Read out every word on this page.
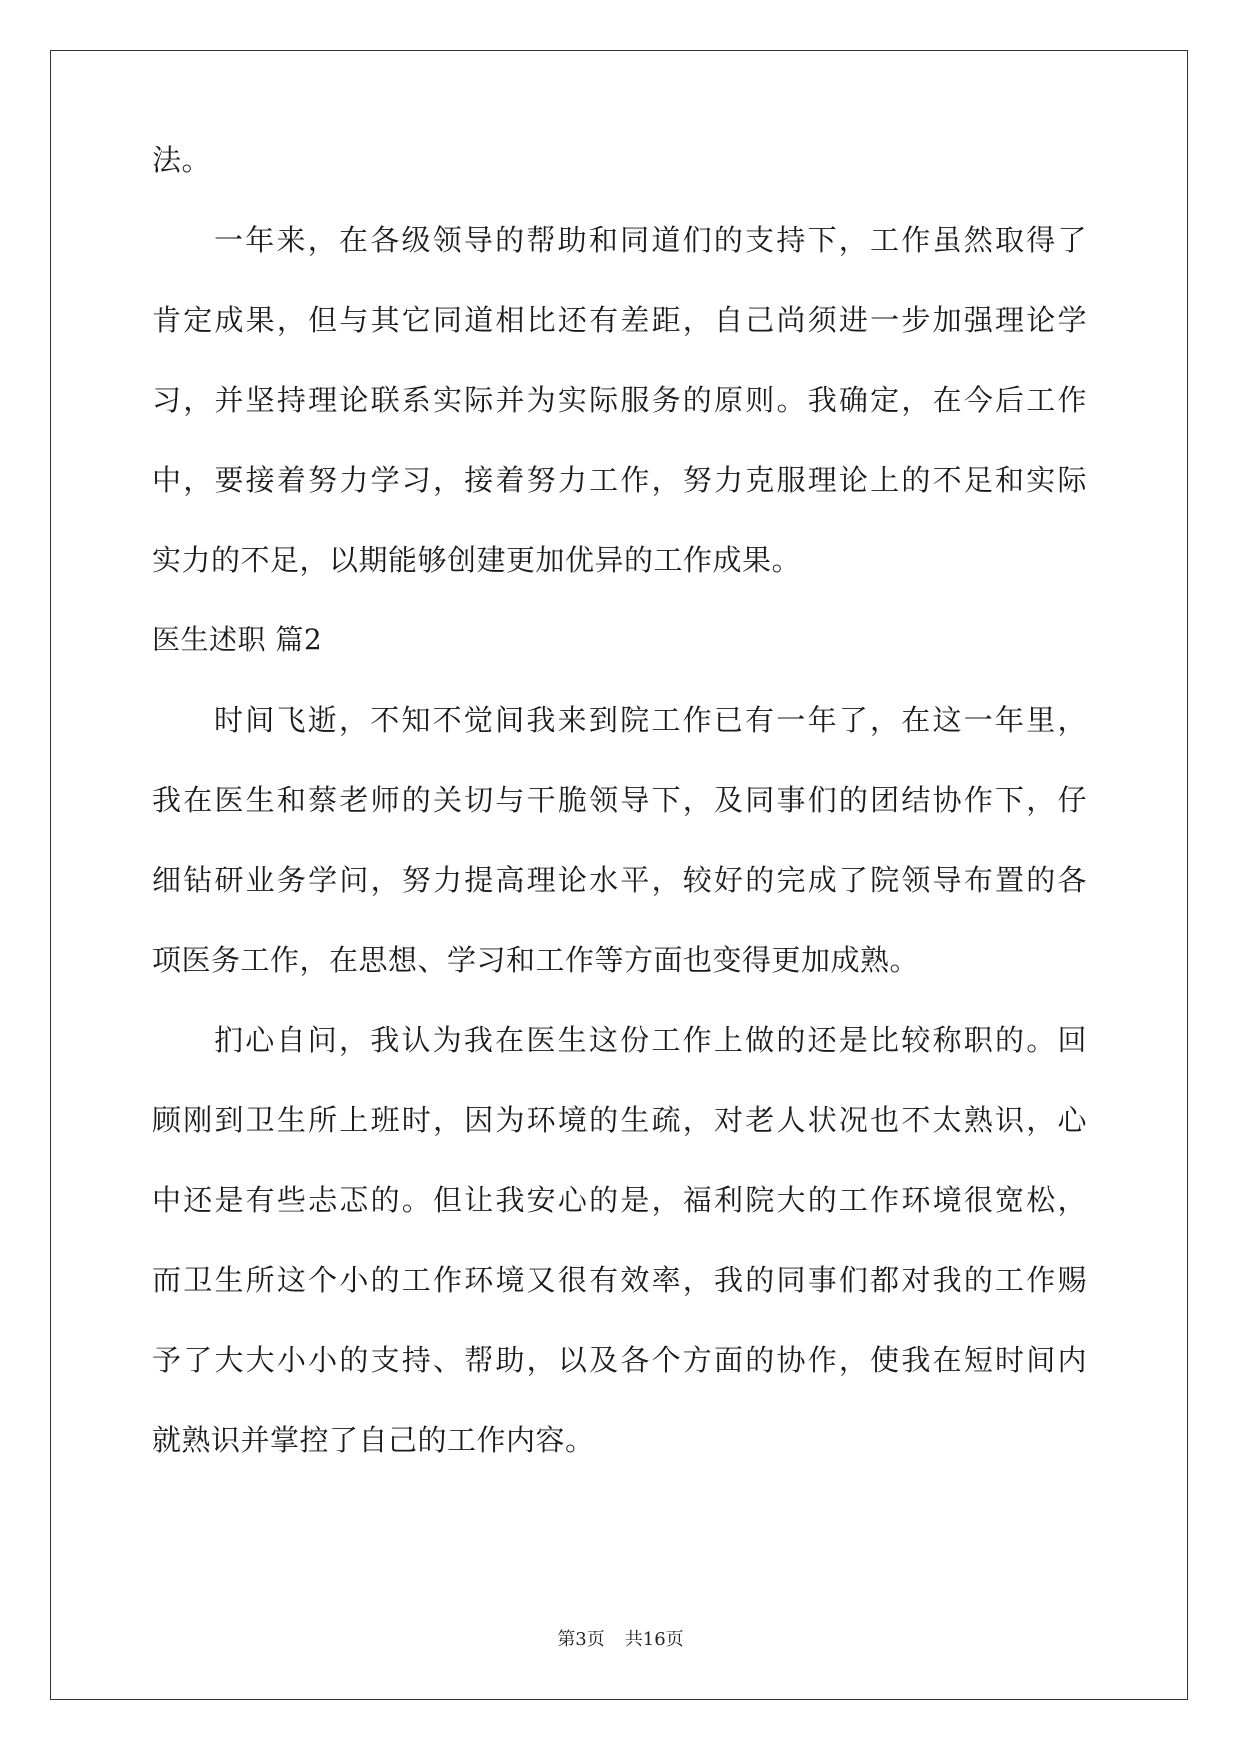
法。
一年来，在各级领导的帮助和同道们的支持下，工作虽然取得了
肯定成果，但与其它同道相比还有差距，自己尚须进一步加强理论学
习，并坚持理论联系实际并为实际服务的原则。我确定，在今后工作
中，要接着努力学习，接着努力工作，努力克服理论上的不足和实际
实力的不足，以期能够创建更加优异的工作成果。
医生述职 篇2
时间飞逝，不知不觉间我来到院工作已有一年了，在这一年里，
我在医生和蔡老师的关切与干脆领导下，及同事们的团结协作下，仔
细钻研业务学问，努力提高理论水平，较好的完成了院领导布置的各
项医务工作，在思想、学习和工作等方面也变得更加成熟。
扪心自问，我认为我在医生这份工作上做的还是比较称职的。回
顾刚到卫生所上班时，因为环境的生疏，对老人状况也不太熟识，心
中还是有些忐忑的。但让我安心的是，福利院大的工作环境很宽松，
而卫生所这个小的工作环境又很有效率，我的同事们都对我的工作赐
予了大大小小的支持、帮助，以及各个方面的协作，使我在短时间内
就熟识并掌控了自己的工作内容。
第3页 共16页
